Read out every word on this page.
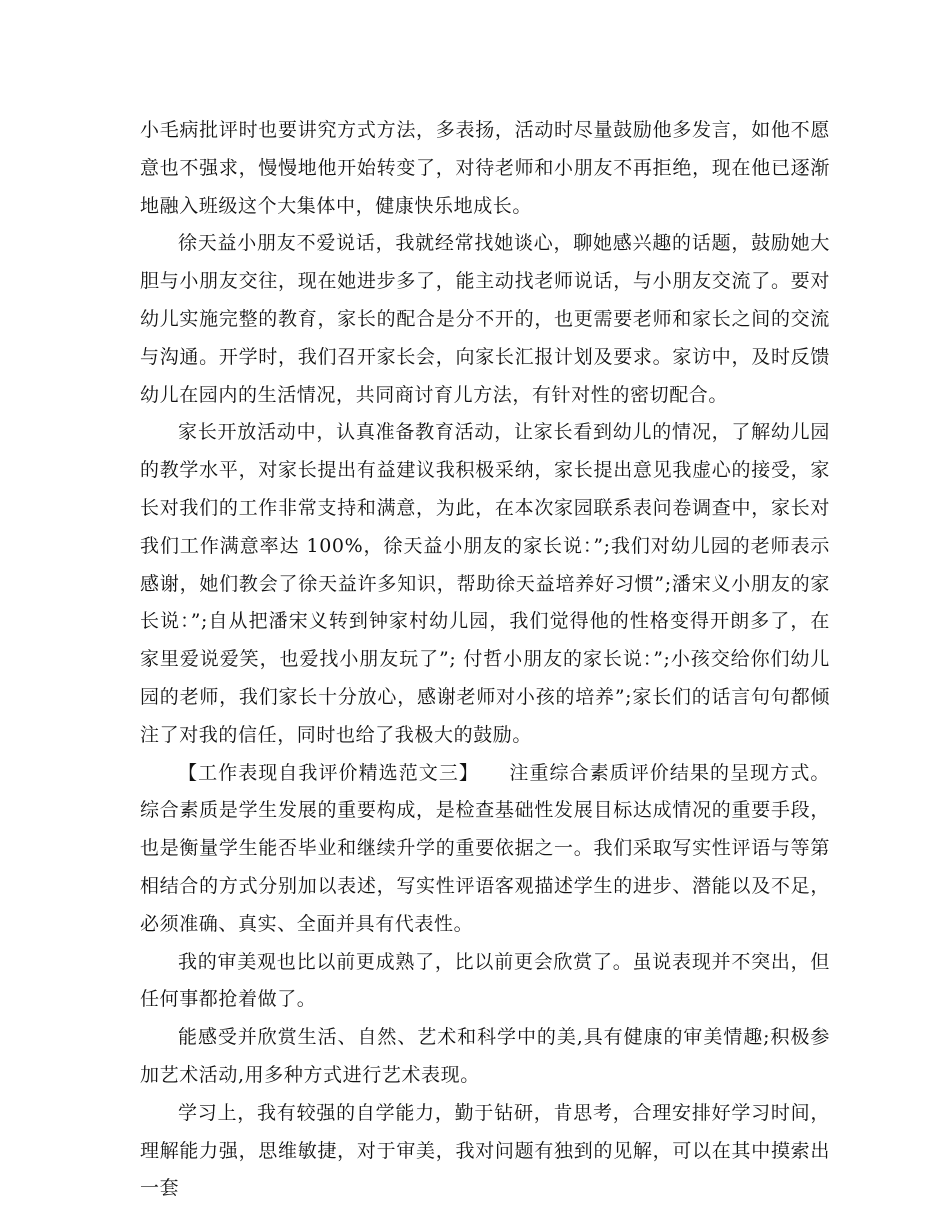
小毛病批评时也要讲究方式方法，多表扬，活动时尽量鼓励他多发言，如他不愿意也不强求，慢慢地他开始转变了，对待老师和小朋友不再拒绝，现在他已逐渐地融入班级这个大集体中，健康快乐地成长。

徐天益小朋友不爱说话，我就经常找她谈心，聊她感兴趣的话题，鼓励她大胆与小朋友交往，现在她进步多了，能主动找老师说话，与小朋友交流了。要对幼儿实施完整的教育，家长的配合是分不开的，也更需要老师和家长之间的交流与沟通。开学时，我们召开家长会，向家长汇报计划及要求。家访中，及时反馈幼儿在园内的生活情况，共同商讨育儿方法，有针对性的密切配合。

家长开放活动中，认真准备教育活动，让家长看到幼儿的情况，了解幼儿园的教学水平，对家长提出有益建议我积极采纳，家长提出意见我虚心的接受，家长对我们的工作非常支持和满意，为此，在本次家园联系表问卷调查中，家长对我们工作满意率达 100%，徐天益小朋友的家长说：”;我们对幼儿园的老师表示感谢，她们教会了徐天益许多知识，帮助徐天益培养好习惯”;潘宋义小朋友的家长说：”;自从把潘宋义转到钟家村幼儿园，我们觉得他的性格变得开朗多了，在家里爱说爱笑，也爱找小朋友玩了”; 付哲小朋友的家长说：”;小孩交给你们幼儿园的老师，我们家长十分放心，感谢老师对小孩的培养”;家长们的话言句句都倾注了对我的信任，同时也给了我极大的鼓励。

【工作表现自我评价精选范文三】 注重综合素质评价结果的呈现方式。综合素质是学生发展的重要构成，是检查基础性发展目标达成情况的重要手段，也是衡量学生能否毕业和继续升学的重要依据之一。我们采取写实性评语与等第相结合的方式分别加以表述，写实性评语客观描述学生的进步、潜能以及不足，必须准确、真实、全面并具有代表性。

我的审美观也比以前更成熟了，比以前更会欣赏了。虽说表现并不突出，但任何事都抢着做了。

能感受并欣赏生活、自然、艺术和科学中的美,具有健康的审美情趣;积极参加艺术活动,用多种方式进行艺术表现。

学习上，我有较强的自学能力，勤于钻研，肯思考，合理安排好学习时间，理解能力强，思维敏捷，对于审美，我对问题有独到的见解，可以在其中摸索出一套
